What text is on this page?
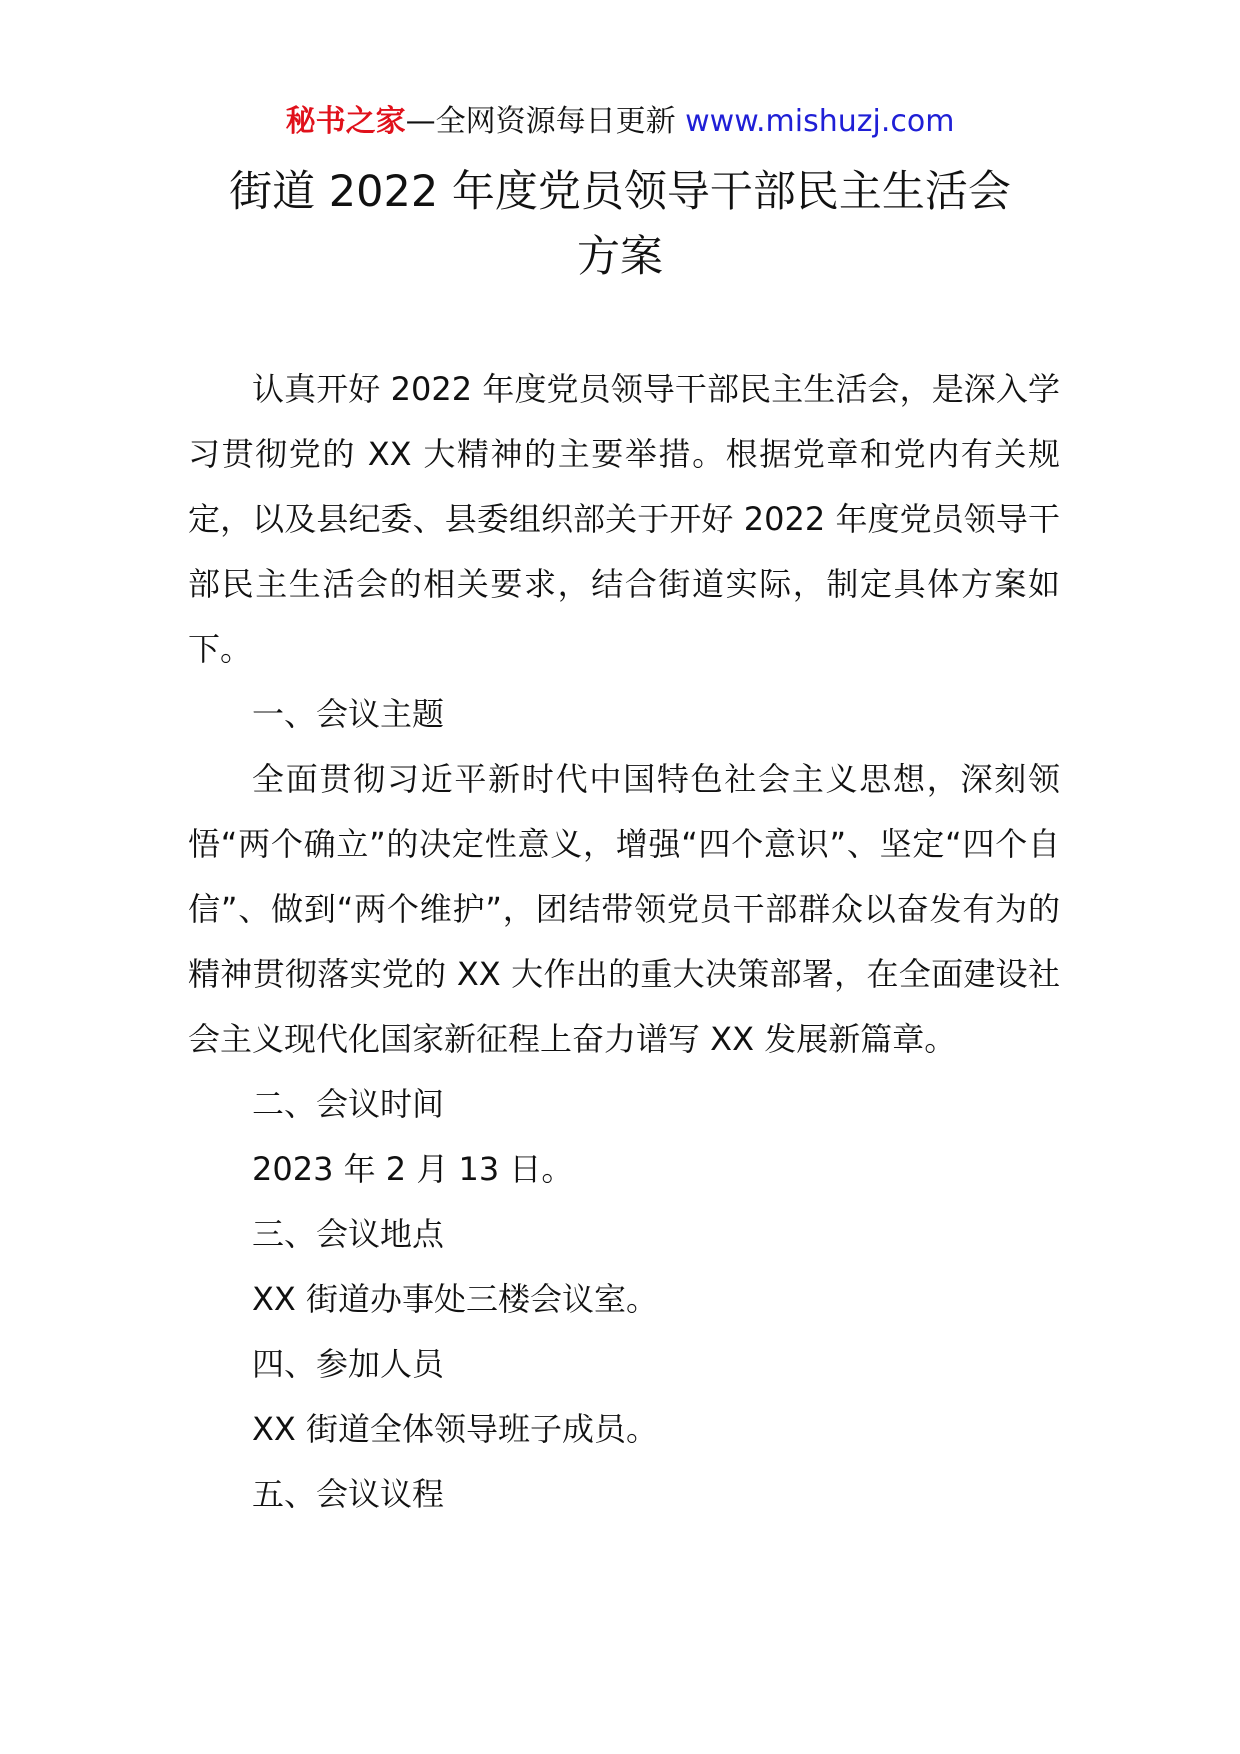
秘书之家—全网资源每日更新 www.mishuzj.com
街道 2022 年度党员领导干部民主生活会
方案

认真开好 2022 年度党员领导干部民主生活会，是深入学习贯彻党的 XX 大精神的主要举措。根据党章和党内有关规定，以及县纪委、县委组织部关于开好 2022 年度党员领导干部民主生活会的相关要求，结合街道实际，制定具体方案如下。

一、会议主题

全面贯彻习近平新时代中国特色社会主义思想，深刻领悟“两个确立”的决定性意义，增强“四个意识”、坚定“四个自信”、做到“两个维护”，团结带领党员干部群众以奋发有为的精神贯彻落实党的 XX 大作出的重大决策部署，在全面建设社会主义现代化国家新征程上奋力谱写 XX 发展新篇章。

二、会议时间

2023 年 2 月 13 日。

三、会议地点

XX 街道办事处三楼会议室。

四、参加人员

XX 街道全体领导班子成员。

五、会议议程
